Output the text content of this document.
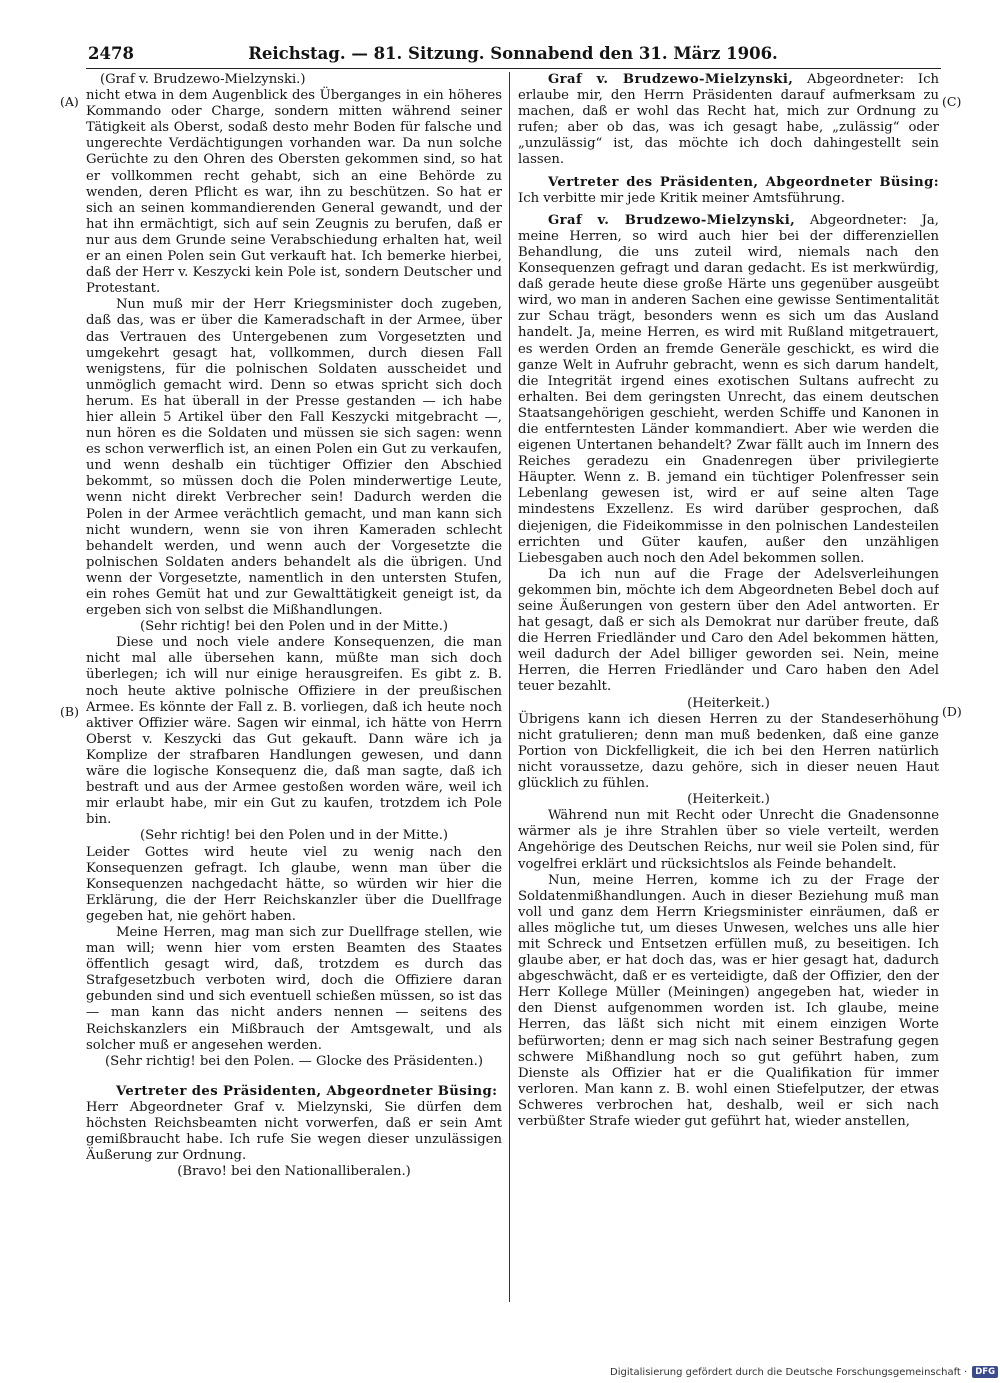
2478	Reichstag. — 81. Sitzung. Sonnabend den 31. März 1906.
(A)
(B)
(C)
(D)

(Graf v. Brudzewo-Mielzynski.)

nicht etwa in dem Augenblick des Überganges in ein höheres Kommando oder Charge, sondern mitten während seiner Tätigkeit als Oberst, sodaß desto mehr Boden für falsche und ungerechte Verdächtigungen vorhanden war. Da nun solche Gerüchte zu den Ohren des Obersten gekommen sind, so hat er vollkommen recht gehabt, sich an eine Behörde zu wenden, deren Pflicht es war, ihn zu beschützen. So hat er sich an seinen kommandierenden General gewandt, und der hat ihn ermächtigt, sich auf sein Zeugnis zu berufen, daß er nur aus dem Grunde seine Verabschiedung erhalten hat, weil er an einen Polen sein Gut verkauft hat. Ich bemerke hierbei, daß der Herr v. Keszycki kein Pole ist, sondern Deutscher und Protestant.

Nun muß mir der Herr Kriegsminister doch zugeben, daß das, was er über die Kameradschaft in der Armee, über das Vertrauen des Untergebenen zum Vorgesetzten und umgekehrt gesagt hat, vollkommen, durch diesen Fall wenigstens, für die polnischen Soldaten ausscheidet und unmöglich gemacht wird. Denn so etwas spricht sich doch herum. Es hat überall in der Presse gestanden — ich habe hier allein 5 Artikel über den Fall Keszycki mitgebracht —, nun hören es die Soldaten und müssen sie sich sagen: wenn es schon verwerflich ist, an einen Polen ein Gut zu verkaufen, und wenn deshalb ein tüchtiger Offizier den Abschied bekommt, so müssen doch die Polen minderwertige Leute, wenn nicht direkt Verbrecher sein! Dadurch werden die Polen in der Armee verächtlich gemacht, und man kann sich nicht wundern, wenn sie von ihren Kameraden schlecht behandelt werden, und wenn auch der Vorgesetzte die polnischen Soldaten anders behandelt als die übrigen. Und wenn der Vorgesetzte, namentlich in den untersten Stufen, ein rohes Gemüt hat und zur Gewalttätigkeit geneigt ist, da ergeben sich von selbst die Mißhandlungen.

(Sehr richtig! bei den Polen und in der Mitte.)

Diese und noch viele andere Konsequenzen, die man nicht mal alle übersehen kann, müßte man sich doch überlegen; ich will nur einige herausgreifen. Es gibt z. B. noch heute aktive polnische Offiziere in der preußischen Armee. Es könnte der Fall z. B. vorliegen, daß ich heute noch aktiver Offizier wäre. Sagen wir einmal, ich hätte von Herrn Oberst v. Keszycki das Gut gekauft. Dann wäre ich ja Komplize der strafbaren Handlungen gewesen, und dann wäre die logische Konsequenz die, daß man sagte, daß ich bestraft und aus der Armee gestoßen worden wäre, weil ich mir erlaubt habe, mir ein Gut zu kaufen, trotzdem ich Pole bin.

(Sehr richtig! bei den Polen und in der Mitte.)

Leider Gottes wird heute viel zu wenig nach den Konsequenzen gefragt. Ich glaube, wenn man über die Konsequenzen nachgedacht hätte, so würden wir hier die Erklärung, die der Herr Reichskanzler über die Duellfrage gegeben hat, nie gehört haben.

Meine Herren, mag man sich zur Duellfrage stellen, wie man will; wenn hier vom ersten Beamten des Staates öffentlich gesagt wird, daß, trotzdem es durch das Strafgesetzbuch verboten wird, doch die Offiziere daran gebunden sind und sich eventuell schießen müssen, so ist das — man kann das nicht anders nennen — seitens des Reichskanzlers ein Mißbrauch der Amtsgewalt, und als solcher muß er angesehen werden.

(Sehr richtig! bei den Polen. — Glocke des Präsidenten.)

Vertreter des Präsidenten, Abgeordneter Büsing:

Herr Abgeordneter Graf v. Mielzynski, Sie dürfen dem höchsten Reichsbeamten nicht vorwerfen, daß er sein Amt gemißbraucht habe. Ich rufe Sie wegen dieser unzulässigen Äußerung zur Ordnung.

(Bravo! bei den Nationalliberalen.)

Graf v. Brudzewo-Mielzynski, Abgeordneter: Ich erlaube mir, den Herrn Präsidenten darauf aufmerksam zu machen, daß er wohl das Recht hat, mich zur Ordnung zu rufen; aber ob das, was ich gesagt habe, „zulässig“ oder „unzulässig“ ist, das möchte ich doch dahingestellt sein lassen.

Vertreter des Präsidenten, Abgeordneter Büsing: Ich verbitte mir jede Kritik meiner Amtsführung.

Graf v. Brudzewo-Mielzynski, Abgeordneter: Ja, meine Herren, so wird auch hier bei der differenziellen Behandlung, die uns zuteil wird, niemals nach den Konsequenzen gefragt und daran gedacht. Es ist merkwürdig, daß gerade heute diese große Härte uns gegenüber ausgeübt wird, wo man in anderen Sachen eine gewisse Sentimentalität zur Schau trägt, besonders wenn es sich um das Ausland handelt. Ja, meine Herren, es wird mit Rußland mitgetrauert, es werden Orden an fremde Generäle geschickt, es wird die ganze Welt in Aufruhr gebracht, wenn es sich darum handelt, die Integrität irgend eines exotischen Sultans aufrecht zu erhalten. Bei dem geringsten Unrecht, das einem deutschen Staatsangehörigen geschieht, werden Schiffe und Kanonen in die entferntesten Länder kommandiert. Aber wie werden die eigenen Untertanen behandelt? Zwar fällt auch im Innern des Reiches geradezu ein Gnadenregen über privilegierte Häupter. Wenn z. B. jemand ein tüchtiger Polenfresser sein Lebenlang gewesen ist, wird er auf seine alten Tage mindestens Exzellenz. Es wird darüber gesprochen, daß diejenigen, die Fideikommisse in den polnischen Landesteilen errichten und Güter kaufen, außer den unzähligen Liebesgaben auch noch den Adel bekommen sollen.

Da ich nun auf die Frage der Adelsverleihungen gekommen bin, möchte ich dem Abgeordneten Bebel doch auf seine Äußerungen von gestern über den Adel antworten. Er hat gesagt, daß er sich als Demokrat nur darüber freute, daß die Herren Friedländer und Caro den Adel bekommen hätten, weil dadurch der Adel billiger geworden sei. Nein, meine Herren, die Herren Friedländer und Caro haben den Adel teuer bezahlt.

(Heiterkeit.)

Übrigens kann ich diesen Herren zu der Standeserhöhung nicht gratulieren; denn man muß bedenken, daß eine ganze Portion von Dickfelligkeit, die ich bei den Herren natürlich nicht voraussetze, dazu gehöre, sich in dieser neuen Haut glücklich zu fühlen.

(Heiterkeit.)

Während nun mit Recht oder Unrecht die Gnadensonne wärmer als je ihre Strahlen über so viele verteilt, werden Angehörige des Deutschen Reichs, nur weil sie Polen sind, für vogelfrei erklärt und rücksichtslos als Feinde behandelt.

Nun, meine Herren, komme ich zu der Frage der Soldatenmißhandlungen. Auch in dieser Beziehung muß man voll und ganz dem Herrn Kriegsminister einräumen, daß er alles mögliche tut, um dieses Unwesen, welches uns alle hier mit Schreck und Entsetzen erfüllen muß, zu beseitigen. Ich glaube aber, er hat doch das, was er hier gesagt hat, dadurch abgeschwächt, daß er es verteidigte, daß der Offizier, den der Herr Kollege Müller (Meiningen) angegeben hat, wieder in den Dienst aufgenommen worden ist. Ich glaube, meine Herren, das läßt sich nicht mit einem einzigen Worte befürworten; denn er mag sich nach seiner Bestrafung gegen schwere Mißhandlung noch so gut geführt haben, zum Dienste als Offizier hat er die Qualifikation für immer verloren. Man kann z. B. wohl einen Stiefelputzer, der etwas Schweres verbrochen hat, deshalb, weil er sich nach verbüßter Strafe wieder gut geführt hat, wieder anstellen,

Digitalisierung gefördert durch die Deutsche Forschungsgemeinschaft · DFG
